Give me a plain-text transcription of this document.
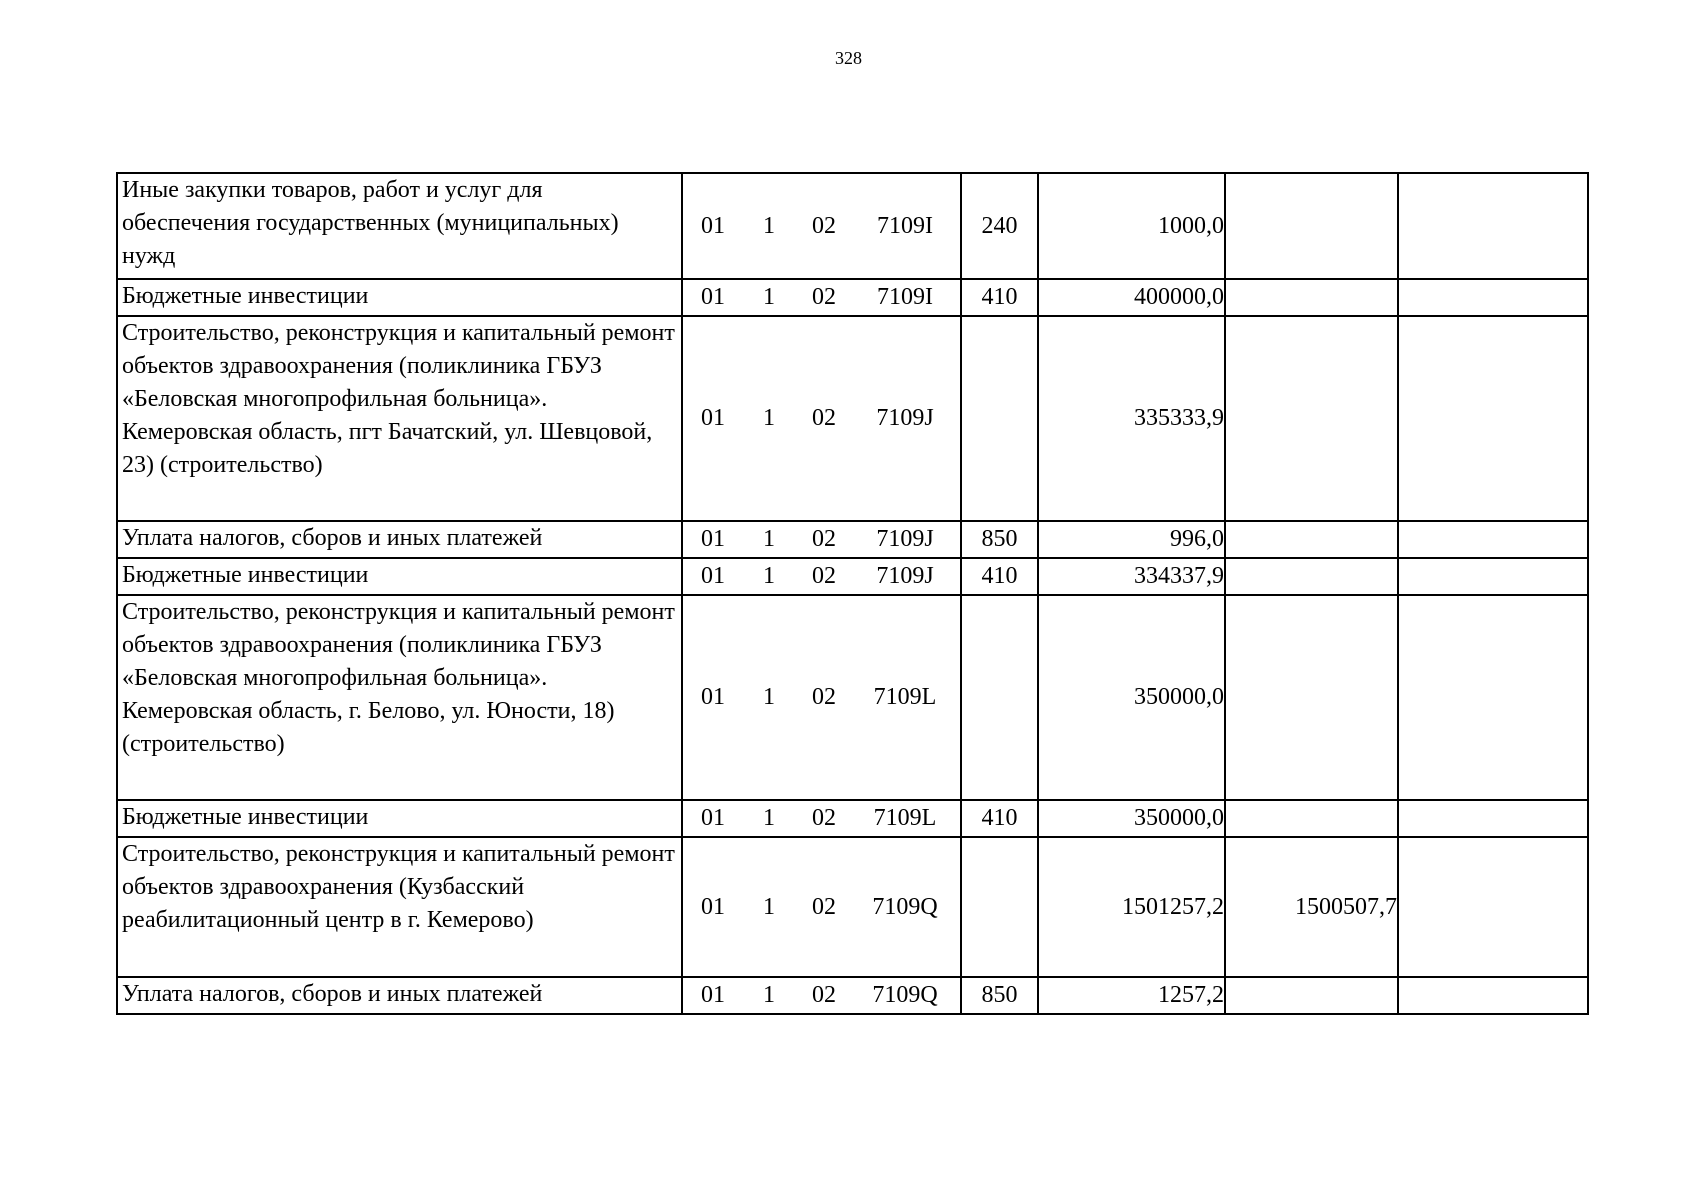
328
Иные закупки товаров, работ и услуг для обеспечения государственных (муниципальных) нужд	01 1 02 7109I	240	1000,0		
Бюджетные инвестиции	01 1 02 7109I	410	400000,0		
Строительство, реконструкция и капитальный ремонт объектов здравоохранения (поликлиника ГБУЗ «Беловская многопрофильная больница». Кемеровская область, пгт Бачатский, ул. Шевцовой, 23) (строительство)	01 1 02 7109J		335333,9		
Уплата налогов, сборов и иных платежей	01 1 02 7109J	850	996,0		
Бюджетные инвестиции	01 1 02 7109J	410	334337,9		
Строительство, реконструкция и капитальный ремонт объектов здравоохранения (поликлиника ГБУЗ «Беловская многопрофильная больница». Кемеровская область, г. Белово, ул. Юности, 18) (строительство)	01 1 02 7109L		350000,0		
Бюджетные инвестиции	01 1 02 7109L	410	350000,0		
Строительство, реконструкция и капитальный ремонт объектов здравоохранения (Кузбасский реабилитационный центр в г. Кемерово)	01 1 02 7109Q		1501257,2	1500507,7	
Уплата налогов, сборов и иных платежей	01 1 02 7109Q	850	1257,2		
